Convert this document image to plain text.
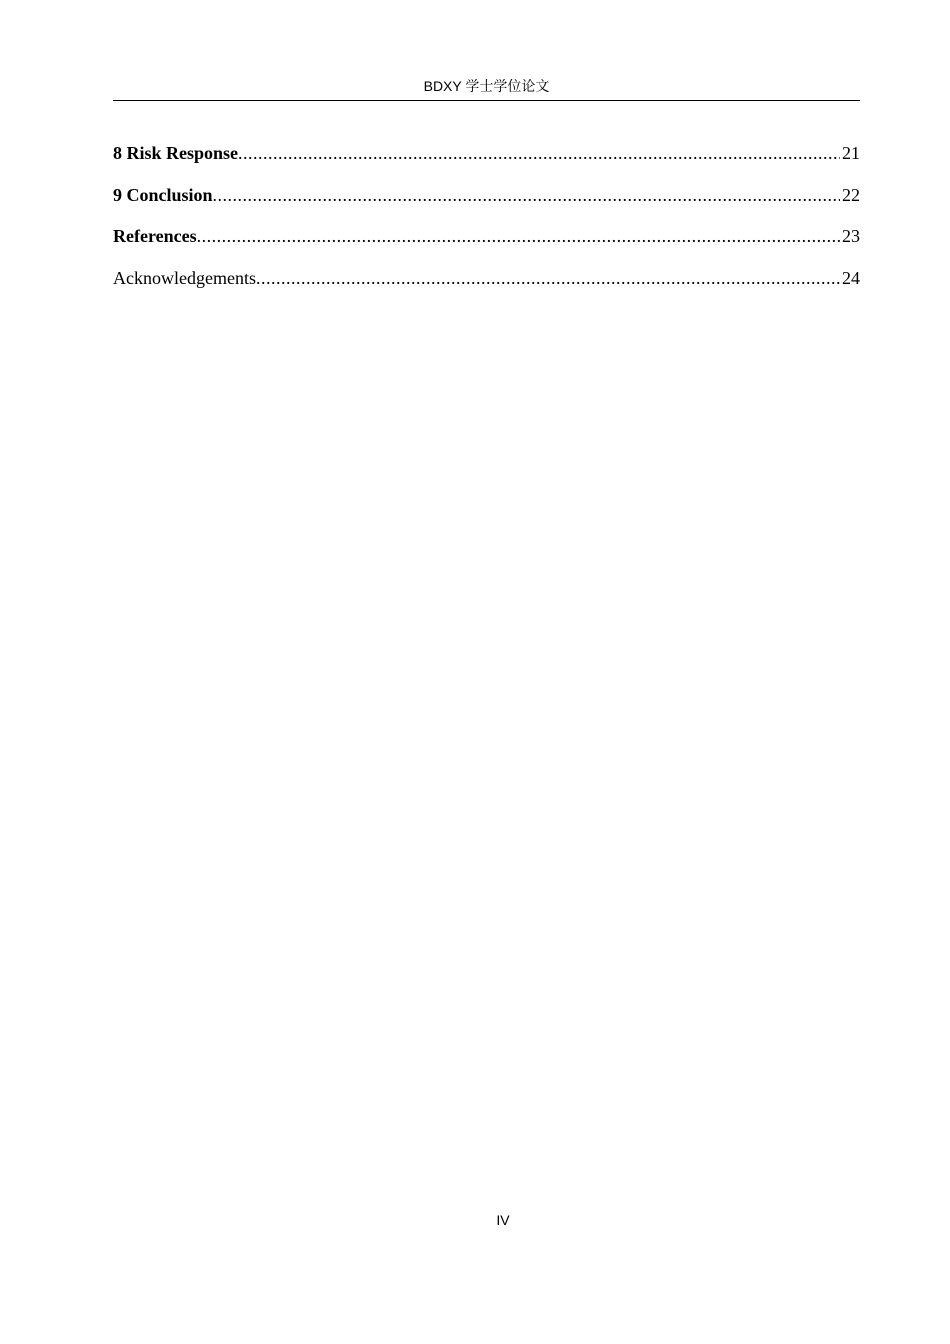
BDXY 学士学位论文
8 Risk Response .....	21
9 Conclusion .....	22
References .....	23
Acknowledgements .....	24
IV
